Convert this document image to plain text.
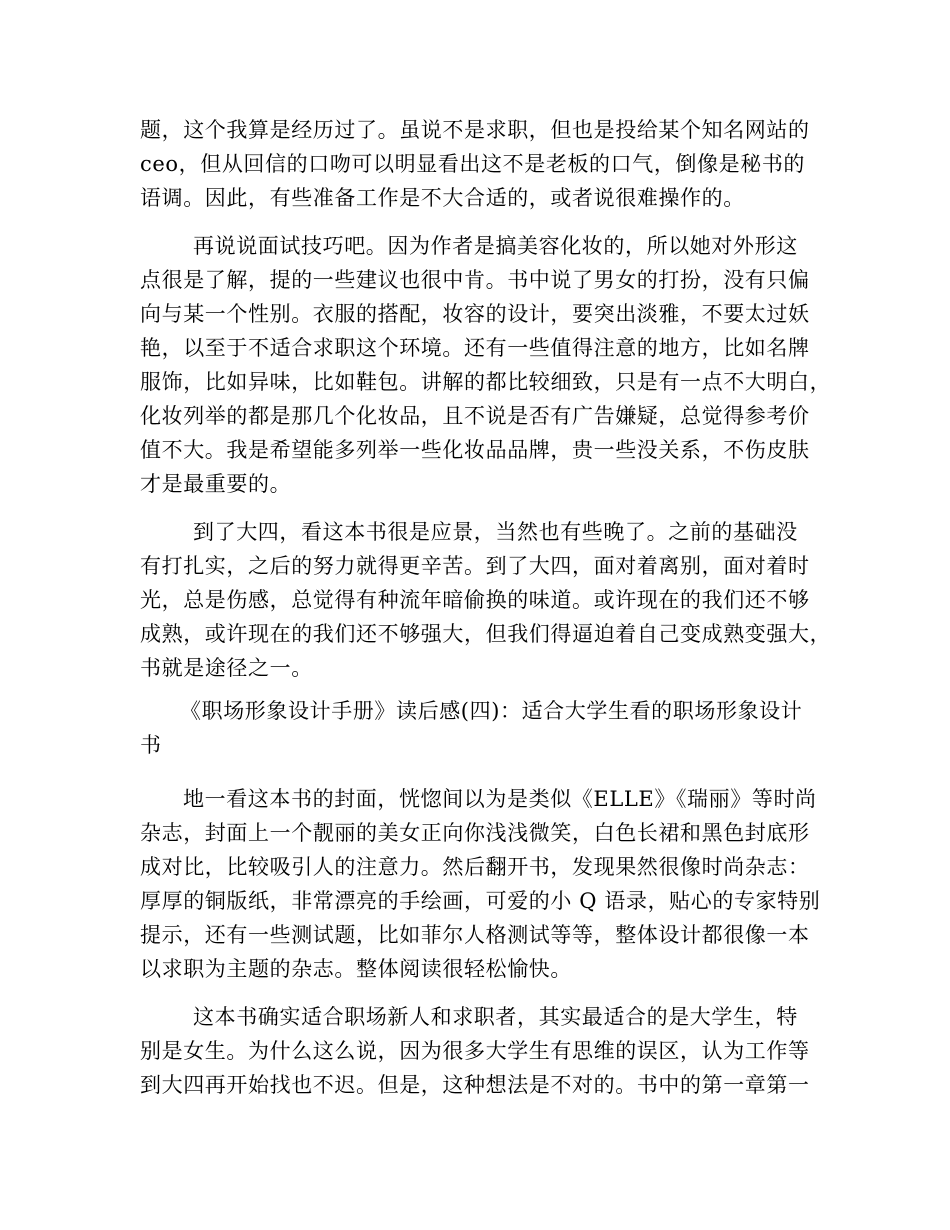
题，这个我算是经历过了。虽说不是求职，但也是投给某个知名网站的
ceo，但从回信的口吻可以明显看出这不是老板的口气，倒像是秘书的
语调。因此，有些准备工作是不大合适的，或者说很难操作的。
再说说面试技巧吧。因为作者是搞美容化妆的，所以她对外形这
点很是了解，提的一些建议也很中肯。书中说了男女的打扮，没有只偏
向与某一个性别。衣服的搭配，妆容的设计，要突出淡雅，不要太过妖
艳，以至于不适合求职这个环境。还有一些值得注意的地方，比如名牌
服饰，比如异味，比如鞋包。讲解的都比较细致，只是有一点不大明白，
化妆列举的都是那几个化妆品，且不说是否有广告嫌疑，总觉得参考价
值不大。我是希望能多列举一些化妆品品牌，贵一些没关系，不伤皮肤
才是最重要的。
到了大四，看这本书很是应景，当然也有些晚了。之前的基础没
有打扎实，之后的努力就得更辛苦。到了大四，面对着离别，面对着时
光，总是伤感，总觉得有种流年暗偷换的味道。或许现在的我们还不够
成熟，或许现在的我们还不够强大，但我们得逼迫着自己变成熟变强大，
书就是途径之一。
《职场形象设计手册》读后感(四)：适合大学生看的职场形象设计
书
地一看这本书的封面，恍惚间以为是类似《ELLE》《瑞丽》等时尚
杂志，封面上一个靓丽的美女正向你浅浅微笑，白色长裙和黑色封底形
成对比，比较吸引人的注意力。然后翻开书，发现果然很像时尚杂志：
厚厚的铜版纸，非常漂亮的手绘画，可爱的小 Q 语录，贴心的专家特别
提示，还有一些测试题，比如菲尔人格测试等等，整体设计都很像一本
以求职为主题的杂志。整体阅读很轻松愉快。
这本书确实适合职场新人和求职者，其实最适合的是大学生，特
别是女生。为什么这么说，因为很多大学生有思维的误区，认为工作等
到大四再开始找也不迟。但是，这种想法是不对的。书中的第一章第一
